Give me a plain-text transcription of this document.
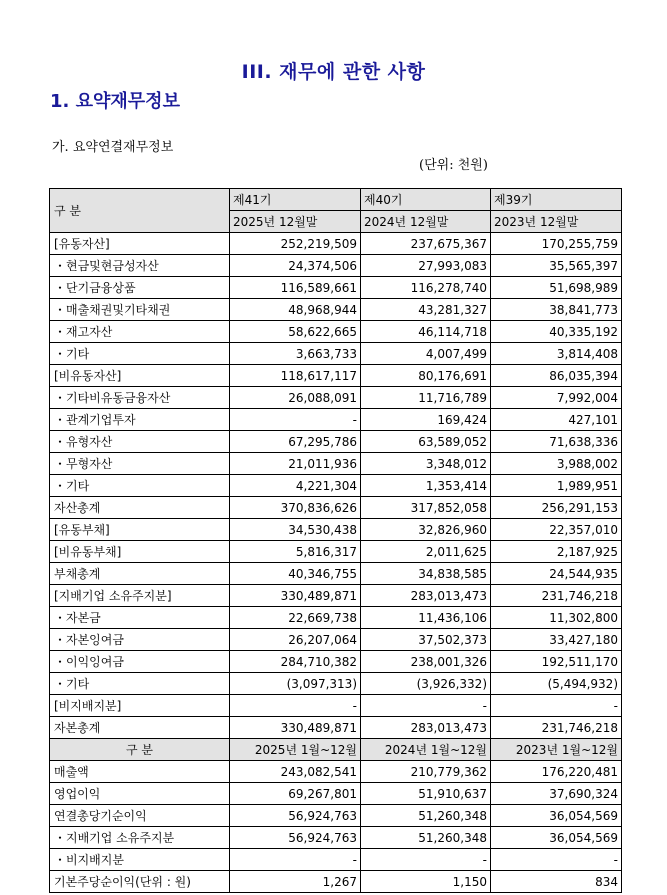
III. 재무에 관한 사항
1. 요약재무정보
가. 요약연결재무정보
(단위: 천원)
구 분	제41기	제40기	제39기
	2025년 12월말	2024년 12월말	2023년 12월말
[유동자산]	252,219,509	237,675,367	170,255,759
・현금및현금성자산	24,374,506	27,993,083	35,565,397
・단기금융상품	116,589,661	116,278,740	51,698,989
・매출채권및기타채권	48,968,944	43,281,327	38,841,773
・재고자산	58,622,665	46,114,718	40,335,192
・기타	3,663,733	4,007,499	3,814,408
[비유동자산]	118,617,117	80,176,691	86,035,394
・기타비유동금융자산	26,088,091	11,716,789	7,992,004
・관계기업투자	-	169,424	427,101
・유형자산	67,295,786	63,589,052	71,638,336
・무형자산	21,011,936	3,348,012	3,988,002
・기타	4,221,304	1,353,414	1,989,951
자산총계	370,836,626	317,852,058	256,291,153
[유동부채]	34,530,438	32,826,960	22,357,010
[비유동부채]	5,816,317	2,011,625	2,187,925
부채총계	40,346,755	34,838,585	24,544,935
[지배기업 소유주지분]	330,489,871	283,013,473	231,746,218
・자본금	22,669,738	11,436,106	11,302,800
・자본잉여금	26,207,064	37,502,373	33,427,180
・이익잉여금	284,710,382	238,001,326	192,511,170
・기타	(3,097,313)	(3,926,332)	(5,494,932)
[비지배지분]	-	-	-
자본총계	330,489,871	283,013,473	231,746,218
구 분	2025년 1월~12월	2024년 1월~12월	2023년 1월~12월
매출액	243,082,541	210,779,362	176,220,481
영업이익	69,267,801	51,910,637	37,690,324
연결총당기순이익	56,924,763	51,260,348	36,054,569
・지배기업 소유주지분	56,924,763	51,260,348	36,054,569
・비지배지분	-	-	-
기본주당순이익(단위 : 원)	1,267	1,150	834
